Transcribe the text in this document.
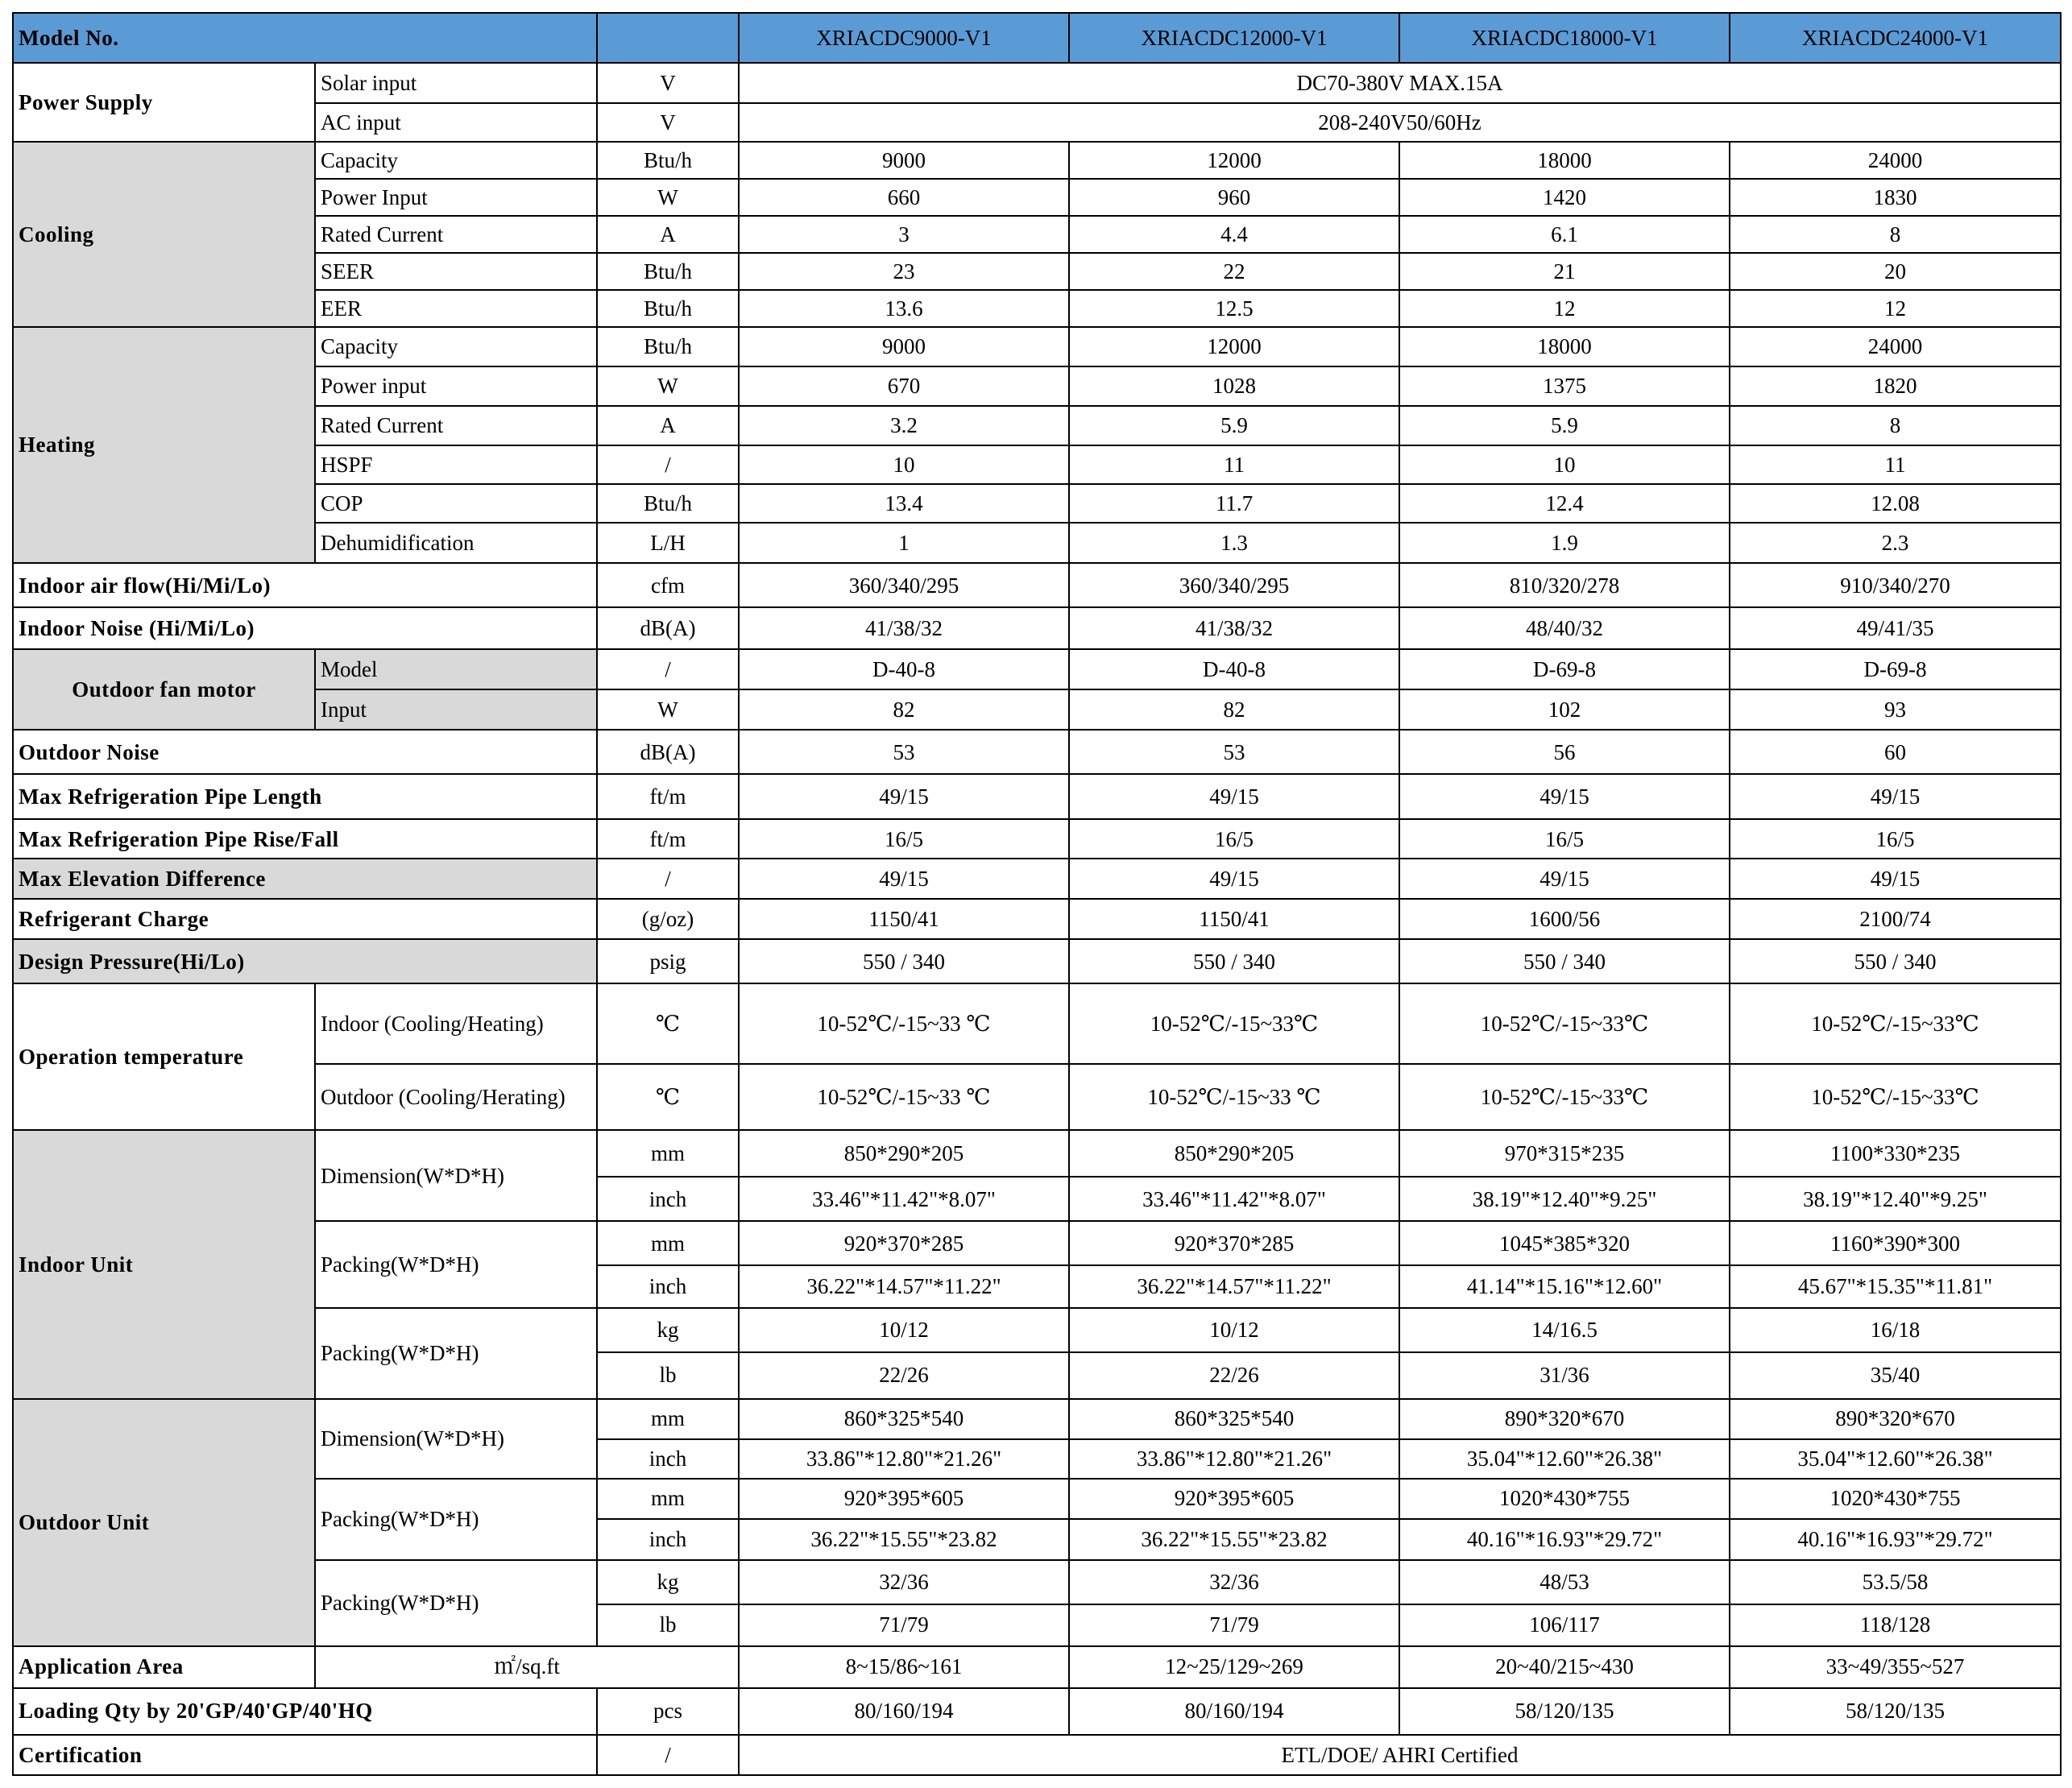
Model No.			XRIACDC9000-V1	XRIACDC12000-V1	XRIACDC18000-V1	XRIACDC24000-V1
Power Supply	Solar input	V	DC70-380V MAX.15A			
	AC input	V	208-240V50/60Hz			
Cooling	Capacity	Btu/h	9000	12000	18000	24000
	Power Input	W	660	960	1420	1830
	Rated Current	A	3	4.4	6.1	8
	SEER	Btu/h	23	22	21	20
	EER	Btu/h	13.6	12.5	12	12
Heating	Capacity	Btu/h	9000	12000	18000	24000
	Power input	W	670	1028	1375	1820
	Rated Current	A	3.2	5.9	5.9	8
	HSPF	/	10	11	10	11
	COP	Btu/h	13.4	11.7	12.4	12.08
	Dehumidification	L/H	1	1.3	1.9	2.3
Indoor air flow(Hi/Mi/Lo)		cfm	360/340/295	360/340/295	810/320/278	910/340/270
Indoor Noise (Hi/Mi/Lo)		dB(A)	41/38/32	41/38/32	48/40/32	49/41/35
Outdoor fan motor	Model	/	D-40-8	D-40-8	D-69-8	D-69-8
	Input	W	82	82	102	93
Outdoor Noise		dB(A)	53	53	56	60
Max Refrigeration Pipe Length		ft/m	49/15	49/15	49/15	49/15
Max Refrigeration Pipe Rise/Fall		ft/m	16/5	16/5	16/5	16/5
Max Elevation Difference		/	49/15	49/15	49/15	49/15
Refrigerant Charge		(g/oz)	1150/41	1150/41	1600/56	2100/74
Design Pressure(Hi/Lo)		psig	550 / 340	550 / 340	550 / 340	550 / 340
Operation temperature	Indoor (Cooling/Heating)	℃	10-52℃/-15~33 ℃	10-52℃/-15~33℃	10-52℃/-15~33℃	10-52℃/-15~33℃
	Outdoor (Cooling/Herating)	℃	10-52℃/-15~33 ℃	10-52℃/-15~33 ℃	10-52℃/-15~33℃	10-52℃/-15~33℃
Indoor Unit	Dimension(W*D*H)	mm	850*290*205	850*290*205	970*315*235	1100*330*235
		inch	33.46"*11.42"*8.07"	33.46"*11.42"*8.07"	38.19"*12.40"*9.25"	38.19"*12.40"*9.25"
	Packing(W*D*H)	mm	920*370*285	920*370*285	1045*385*320	1160*390*300
		inch	36.22"*14.57"*11.22"	36.22"*14.57"*11.22"	41.14"*15.16"*12.60"	45.67"*15.35"*11.81"
	Packing(W*D*H)	kg	10/12	10/12	14/16.5	16/18
		lb	22/26	22/26	31/36	35/40
Outdoor Unit	Dimension(W*D*H)	mm	860*325*540	860*325*540	890*320*670	890*320*670
		inch	33.86"*12.80"*21.26"	33.86"*12.80"*21.26"	35.04"*12.60"*26.38"	35.04"*12.60"*26.38"
	Packing(W*D*H)	mm	920*395*605	920*395*605	1020*430*755	1020*430*755
		inch	36.22"*15.55"*23.82	36.22"*15.55"*23.82	40.16"*16.93"*29.72"	40.16"*16.93"*29.72"
	Packing(W*D*H)	kg	32/36	32/36	48/53	53.5/58
		lb	71/79	71/79	106/117	118/128
Application Area	㎡/sq.ft		8~15/86~161	12~25/129~269	20~40/215~430	33~49/355~527
Loading Qty by 20'GP/40'GP/40'HQ		pcs	80/160/194	80/160/194	58/120/135	58/120/135
Certification		/	ETL/DOE/ AHRI Certified			
